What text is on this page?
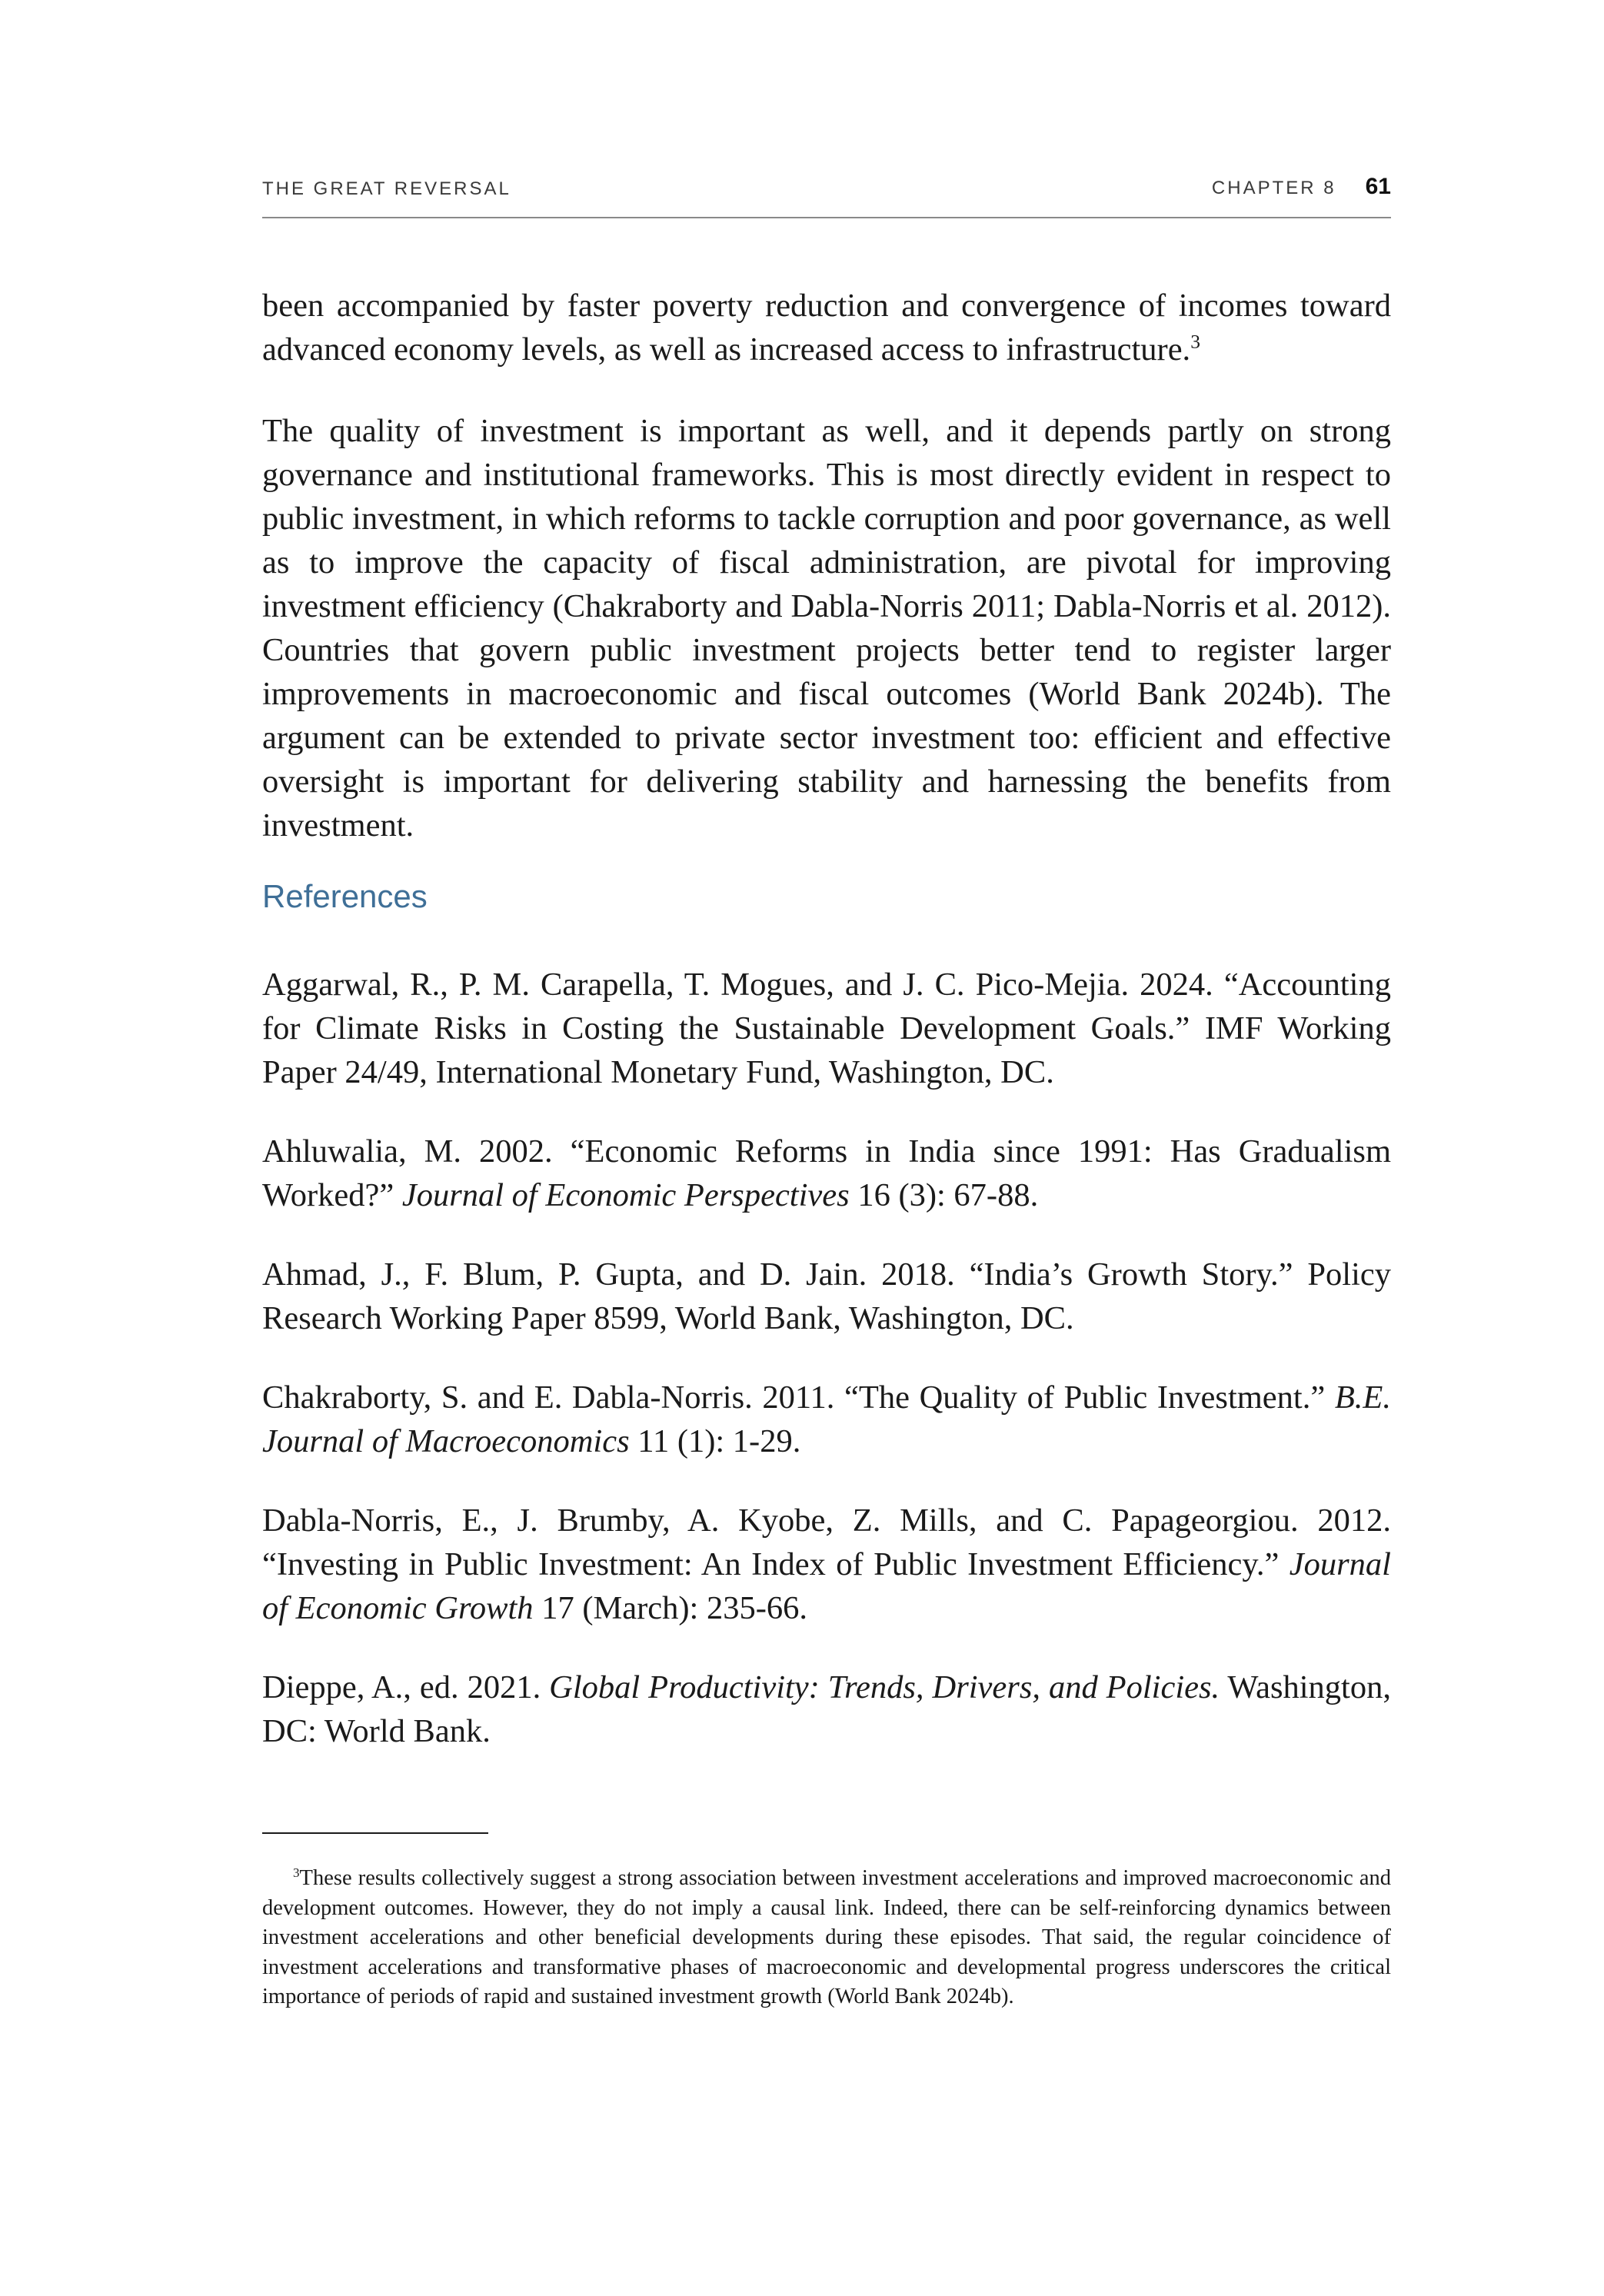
THE GREAT REVERSAL	CHAPTER 8 61

been accompanied by faster poverty reduction and convergence of incomes toward advanced economy levels, as well as increased access to infrastructure.$^3$

The quality of investment is important as well, and it depends partly on strong governance and institutional frameworks. This is most directly evident in respect to public investment, in which reforms to tackle corruption and poor governance, as well as to improve the capacity of fiscal administration, are pivotal for improving investment efficiency (Chakraborty and Dabla-Norris 2011; Dabla-Norris et al. 2012). Countries that govern public investment projects better tend to register larger improvements in macroeconomic and fiscal outcomes (World Bank 2024b). The argument can be extended to private sector investment too: efficient and effective oversight is important for delivering stability and harnessing the benefits from investment.

References
Aggarwal, R., P. M. Carapella, T. Mogues, and J. C. Pico-Mejia. 2024. “Accounting for Climate Risks in Costing the Sustainable Development Goals.” IMF Working Paper 24/49, International Monetary Fund, Washington, DC.
Ahluwalia, M. 2002. “Economic Reforms in India since 1991: Has Gradualism Worked?” Journal of Economic Perspectives 16 (3): 67-88.
Ahmad, J., F. Blum, P. Gupta, and D. Jain. 2018. “India’s Growth Story.” Policy Research Working Paper 8599, World Bank, Washington, DC.
Chakraborty, S. and E. Dabla-Norris. 2011. “The Quality of Public Investment.” B.E. Journal of Macroeconomics 11 (1): 1-29.
Dabla-Norris, E., J. Brumby, A. Kyobe, Z. Mills, and C. Papageorgiou. 2012. “Investing in Public Investment: An Index of Public Investment Efficiency.” Journal of Economic Growth 17 (March): 235-66.
Dieppe, A., ed. 2021. Global Productivity: Trends, Drivers, and Policies. Washington, DC: World Bank.
$^3$These results collectively suggest a strong association between investment accelerations and improved macroeconomic and development outcomes. However, they do not imply a causal link. Indeed, there can be self-reinforcing dynamics between investment accelerations and other beneficial developments during these episodes. That said, the regular coincidence of investment accelerations and transformative phases of macroeconomic and developmental progress underscores the critical importance of periods of rapid and sustained investment growth (World Bank 2024b).
